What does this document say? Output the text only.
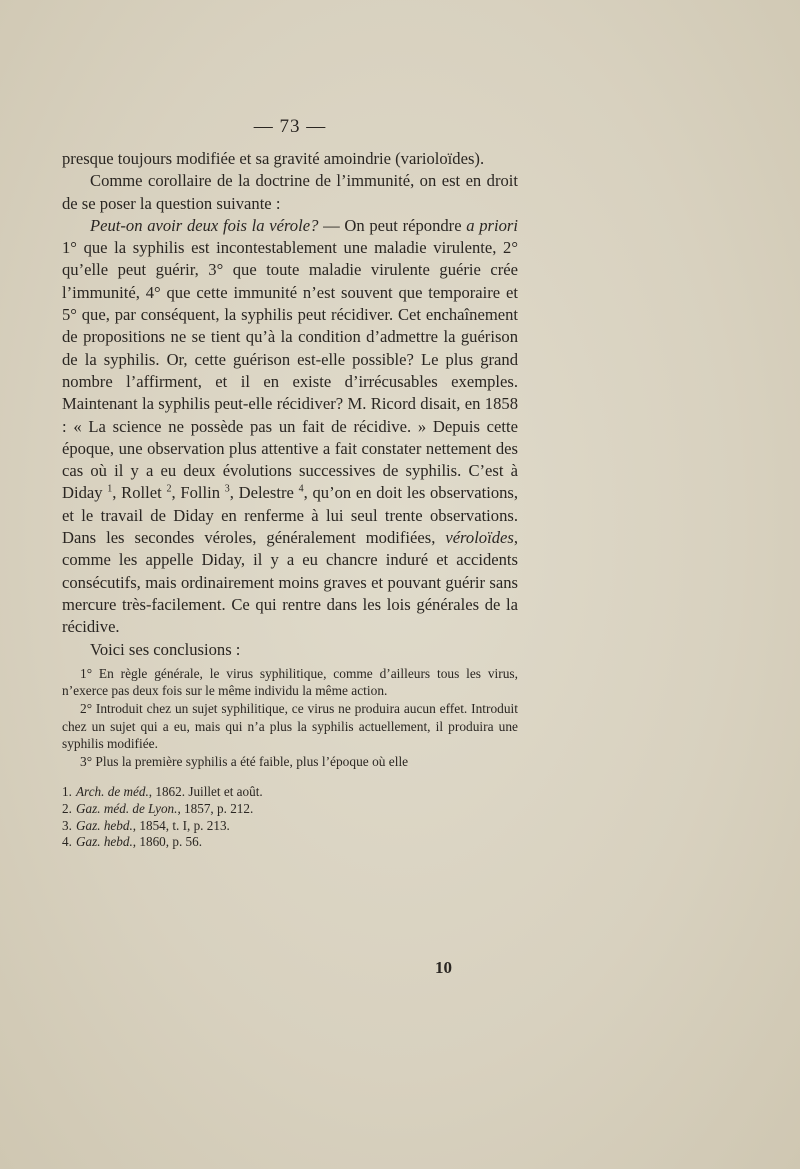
— 73 —

presque toujours modifiée et sa gravité amoindrie (varioloïdes).

Comme corollaire de la doctrine de l’immunité, on est en droit de se poser la question suivante :

Peut-on avoir deux fois la vérole? — On peut répondre a priori 1° que la syphilis est incontestablement une maladie virulente, 2° qu’elle peut guérir, 3° que toute maladie virulente guérie crée l’immunité, 4° que cette immunité n’est souvent que temporaire et 5° que, par conséquent, la syphilis peut récidiver. Cet enchaînement de propositions ne se tient qu’à la condition d’admettre la guérison de la syphilis. Or, cette guérison est-elle possible? Le plus grand nombre l’affirment, et il en existe d’irrécusables exemples. Maintenant la syphilis peut-elle récidiver? M. Ricord disait, en 1858 : « La science ne possède pas un fait de récidive. » Depuis cette époque, une observation plus attentive a fait constater nettement des cas où il y a eu deux évolutions successives de syphilis. C’est à Diday $^1$, Rollet $^2$, Follin $^3$, Delestre $^4$, qu’on en doit les observations, et le travail de Diday en renferme à lui seul trente observations. Dans les secondes véroles, généralement modifiées, véroloïdes, comme les appelle Diday, il y a eu chancre induré et accidents consécutifs, mais ordinairement moins graves et pouvant guérir sans mercure très-facilement. Ce qui rentre dans les lois générales de la récidive.

Voici ses conclusions :

1° En règle générale, le virus syphilitique, comme d’ailleurs tous les virus, n’exerce pas deux fois sur le même individu la même action.

2° Introduit chez un sujet syphilitique, ce virus ne produira aucun effet. Introduit chez un sujet qui a eu, mais qui n’a plus la syphilis actuellement, il produira une syphilis modifiée.

3° Plus la première syphilis a été faible, plus l’époque où elle

1. Arch. de méd., 1862. Juillet et août.

2. Gaz. méd. de Lyon., 1857, p. 212.

3. Gaz. hebd., 1854, t. I, p. 213.

4. Gaz. hebd., 1860, p. 56.

10
